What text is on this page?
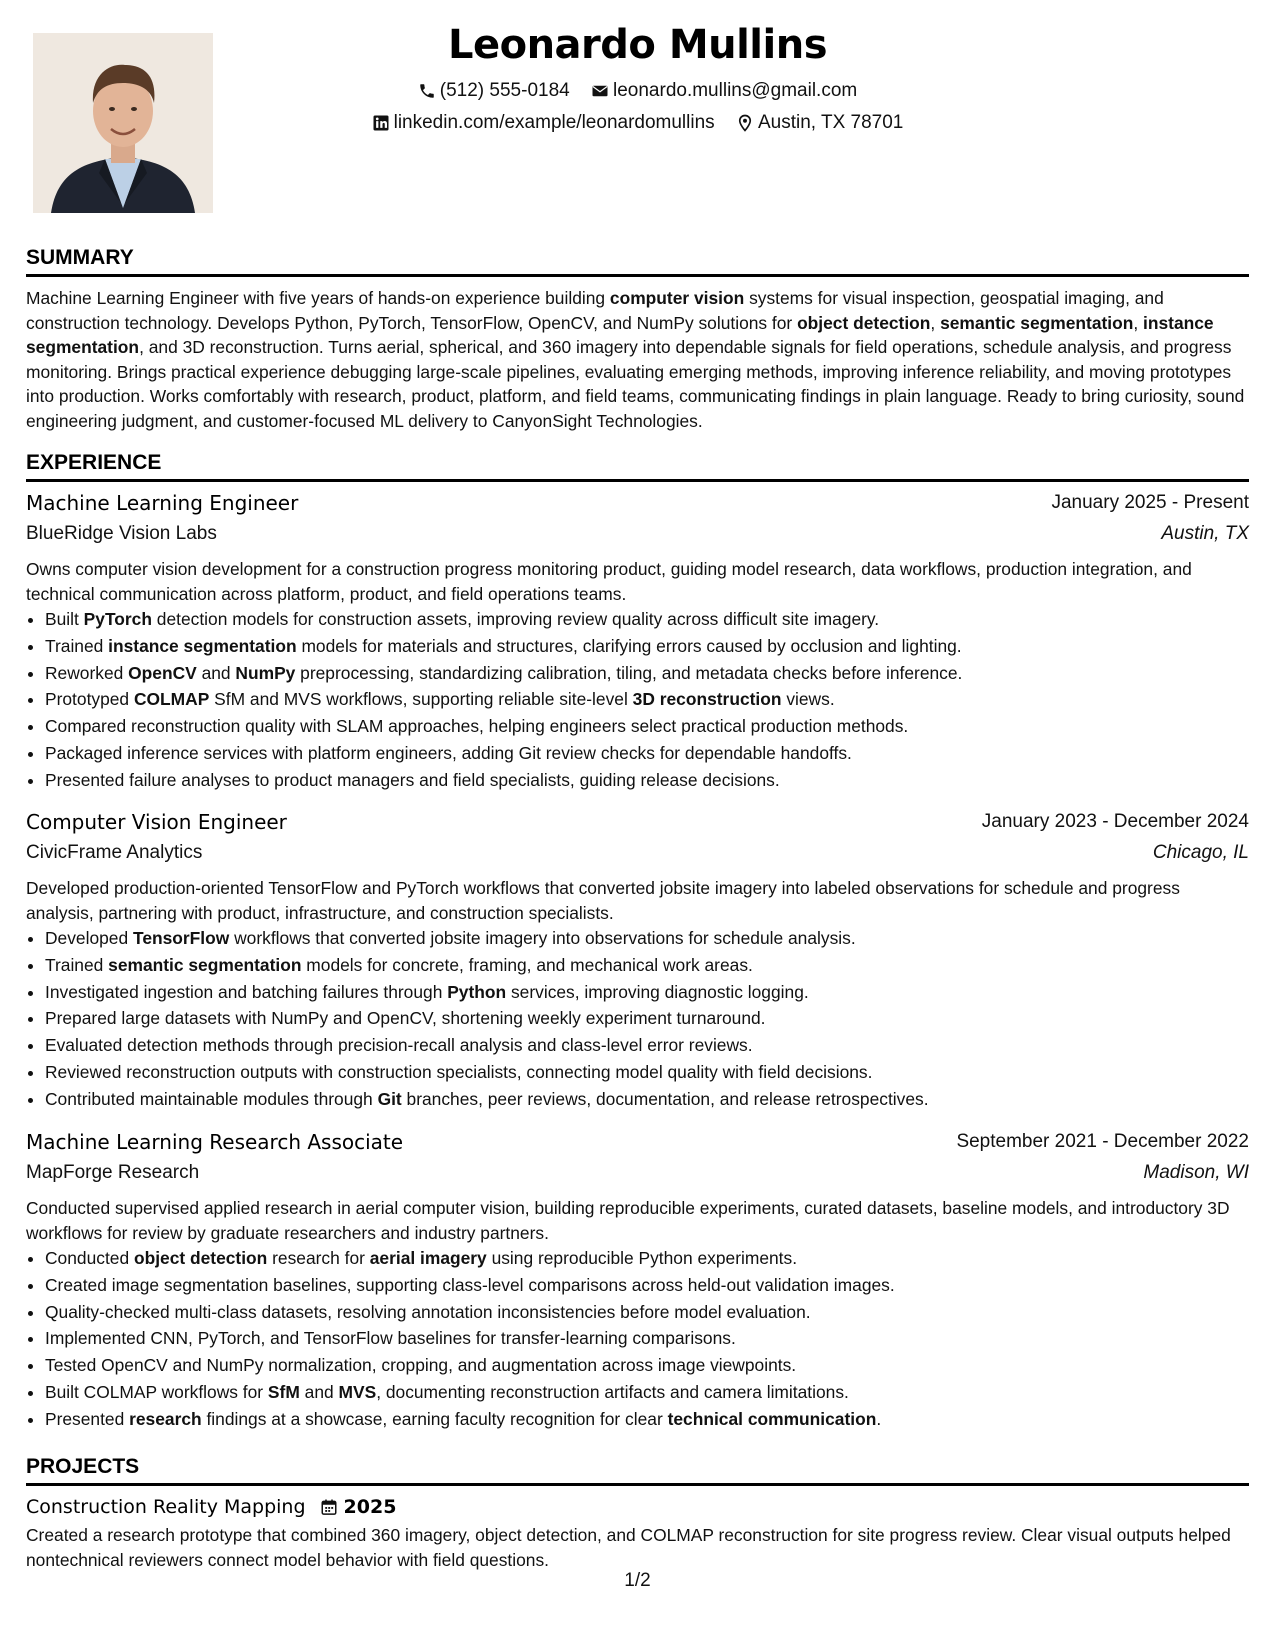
Leonardo Mullins
(512) 555-0184
leonardo.mullins@gmail.com
linkedin.com/example/leonardomullins
Austin, TX 78701
SUMMARY
Machine Learning Engineer with five years of hands-on experience building computer vision systems for visual inspection, geospatial imaging, and construction technology. Develops Python, PyTorch, TensorFlow, OpenCV, and NumPy solutions for object detection, semantic segmentation, instance segmentation, and 3D reconstruction. Turns aerial, spherical, and 360 imagery into dependable signals for field operations, schedule analysis, and progress monitoring. Brings practical experience debugging large-scale pipelines, evaluating emerging methods, improving inference reliability, and moving prototypes into production. Works comfortably with research, product, platform, and field teams, communicating findings in plain language. Ready to bring curiosity, sound engineering judgment, and customer-focused ML delivery to CanyonSight Technologies.
EXPERIENCE
Machine Learning Engineer	January 2025 - Present
BlueRidge Vision Labs	Austin, TX
Owns computer vision development for a construction progress monitoring product, guiding model research, data workflows, production integration, and technical communication across platform, product, and field operations teams.
• Built PyTorch detection models for construction assets, improving review quality across difficult site imagery.
• Trained instance segmentation models for materials and structures, clarifying errors caused by occlusion and lighting.
• Reworked OpenCV and NumPy preprocessing, standardizing calibration, tiling, and metadata checks before inference.
• Prototyped COLMAP SfM and MVS workflows, supporting reliable site-level 3D reconstruction views.
• Compared reconstruction quality with SLAM approaches, helping engineers select practical production methods.
• Packaged inference services with platform engineers, adding Git review checks for dependable handoffs.
• Presented failure analyses to product managers and field specialists, guiding release decisions.
Computer Vision Engineer	January 2023 - December 2024
CivicFrame Analytics	Chicago, IL
Developed production-oriented TensorFlow and PyTorch workflows that converted jobsite imagery into labeled observations for schedule and progress analysis, partnering with product, infrastructure, and construction specialists.
• Developed TensorFlow workflows that converted jobsite imagery into observations for schedule analysis.
• Trained semantic segmentation models for concrete, framing, and mechanical work areas.
• Investigated ingestion and batching failures through Python services, improving diagnostic logging.
• Prepared large datasets with NumPy and OpenCV, shortening weekly experiment turnaround.
• Evaluated detection methods through precision-recall analysis and class-level error reviews.
• Reviewed reconstruction outputs with construction specialists, connecting model quality with field decisions.
• Contributed maintainable modules through Git branches, peer reviews, documentation, and release retrospectives.
Machine Learning Research Associate	September 2021 - December 2022
MapForge Research	Madison, WI
Conducted supervised applied research in aerial computer vision, building reproducible experiments, curated datasets, baseline models, and introductory 3D workflows for review by graduate researchers and industry partners.
• Conducted object detection research for aerial imagery using reproducible Python experiments.
• Created image segmentation baselines, supporting class-level comparisons across held-out validation images.
• Quality-checked multi-class datasets, resolving annotation inconsistencies before model evaluation.
• Implemented CNN, PyTorch, and TensorFlow baselines for transfer-learning comparisons.
• Tested OpenCV and NumPy normalization, cropping, and augmentation across image viewpoints.
• Built COLMAP workflows for SfM and MVS, documenting reconstruction artifacts and camera limitations.
• Presented research findings at a showcase, earning faculty recognition for clear technical communication.
PROJECTS
Construction Reality Mapping 2025
Created a research prototype that combined 360 imagery, object detection, and COLMAP reconstruction for site progress review. Clear visual outputs helped nontechnical reviewers connect model behavior with field questions.
1/2
